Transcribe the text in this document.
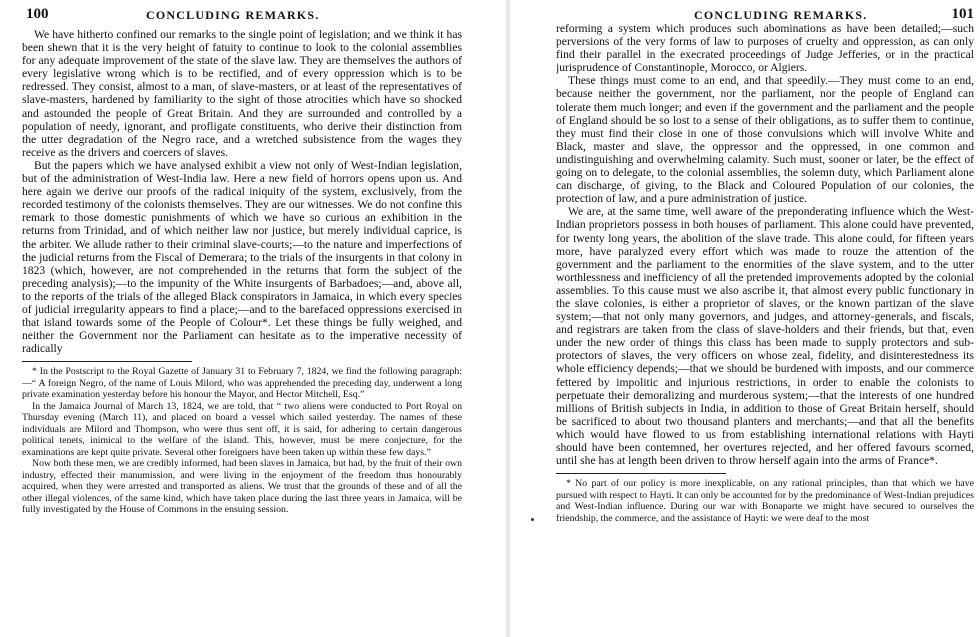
100	CONCLUDING REMARKS.

We have hitherto confined our remarks to the single point of legislation; and we think it has been shewn that it is the very height of fatuity to continue to look to the colonial assemblies for any adequate improvement of the state of the slave law. They are themselves the authors of every legislative wrong which is to be rectified, and of every oppression which is to be redressed. They consist, almost to a man, of slave-masters, or at least of the representatives of slave-masters, hardened by familiarity to the sight of those atrocities which have so shocked and astounded the people of Great Britain. And they are surrounded and controlled by a population of needy, ignorant, and profligate constituents, who derive their distinction from the utter degradation of the Negro race, and a wretched subsistence from the wages they receive as the drivers and coercers of slaves.

But the papers which we have analysed exhibit a view not only of West-Indian legislation, but of the administration of West-India law. Here a new field of horrors opens upon us. And here again we derive our proofs of the radical iniquity of the system, exclusively, from the recorded testimony of the colonists themselves. They are our witnesses. We do not confine this remark to those domestic punishments of which we have so curious an exhibition in the returns from Trinidad, and of which neither law nor justice, but merely individual caprice, is the arbiter. We allude rather to their criminal slave-courts;—to the nature and imperfections of the judicial returns from the Fiscal of Demerara; to the trials of the insurgents in that colony in 1823 (which, however, are not comprehended in the returns that form the subject of the preceding analysis);—to the impunity of the White insurgents of Barbadoes;—and, above all, to the reports of the trials of the alleged Black conspirators in Jamaica, in which every species of judicial irregularity appears to find a place;—and to the barefaced oppressions exercised in that island towards some of the People of Colour*. Let these things be fully weighed, and neither the Government nor the Parliament can hesitate as to the imperative necessity of radically

* In the Postscript to the Royal Gazette of January 31 to February 7, 1824, we find the following paragraph:—“ A foreign Negro, of the name of Louis Milord, who was apprehended the preceding day, underwent a long private examination yesterday before his honour the Mayor, and Hector Mitchell, Esq.”

In the Jamaica Journal of March 13, 1824, we are told, that “ two aliens were conducted to Port Royal on Thursday evening (March 11), and placed on board a vessel which sailed yesterday. The names of these individuals are Milord and Thompson, who were thus sent off, it is said, for adhering to certain dangerous political tenets, inimical to the welfare of the island. This, however, must be mere conjecture, for the examinations are kept quite private. Several other foreigners have been taken up within these few days.”

Now both these men, we are credibly informed, had been slaves in Jamaica, but had, by the fruit of their own industry, effected their manumission, and were living in the enjoyment of the freedom thus honourably acquired, when they were arrested and transported as aliens. We trust that the grounds of these and of all the other illegal violences, of the same kind, which have taken place during the last three years in Jamaica, will be fully investigated by the House of Commons in the ensuing session.

CONCLUDING REMARKS.	101

reforming a system which produces such abominations as have been detailed;—such perversions of the very forms of law to purposes of cruelty and oppression, as can only find their parallel in the execrated proceedings of Judge Jefferies, or in the practical jurisprudence of Constantinople, Morocco, or Algiers.

These things must come to an end, and that speedily.—They must come to an end, because neither the government, nor the parliament, nor the people of England can tolerate them much longer; and even if the government and the parliament and the people of England should be so lost to a sense of their obligations, as to suffer them to continue, they must find their close in one of those convulsions which will involve White and Black, master and slave, the oppressor and the oppressed, in one common and undistinguishing and overwhelming calamity. Such must, sooner or later, be the effect of going on to delegate, to the colonial assemblies, the solemn duty, which Parliament alone can discharge, of giving, to the Black and Coloured Population of our colonies, the protection of law, and a pure administration of justice.

We are, at the same time, well aware of the preponderating influence which the West-Indian proprietors possess in both houses of parliament. This alone could have prevented, for twenty long years, the abolition of the slave trade. This alone could, for fifteen years more, have paralyzed every effort which was made to rouze the attention of the government and the parliament to the enormities of the slave system, and to the utter worthlessness and inefficiency of all the pretended improvements adopted by the colonial assemblies. To this cause must we also ascribe it, that almost every public functionary in the slave colonies, is either a proprietor of slaves, or the known partizan of the slave system;—that not only many governors, and judges, and attorney-generals, and fiscals, and registrars are taken from the class of slave-holders and their friends, but that, even under the new order of things this class has been made to supply protectors and sub-protectors of slaves, the very officers on whose zeal, fidelity, and disinterestedness its whole efficiency depends;—that we should be burdened with imposts, and our commerce fettered by impolitic and injurious restrictions, in order to enable the colonists to perpetuate their demoralizing and murderous system;—that the interests of one hundred millions of British subjects in India, in addition to those of Great Britain herself, should be sacrificed to about two thousand planters and merchants;—and that all the benefits which would have flowed to us from establishing international relations with Hayti should have been contemned, her overtures rejected, and her offered favours scorned, until she has at length been driven to throw herself again into the arms of France*.

* No part of our policy is more inexplicable, on any rational principles, than that which we have pursued with respect to Hayti. It can only be accounted for by the predominance of West-Indian prejudices and West-Indian influence. During our war with Bonaparte we might have secured to ourselves the friendship, the commerce, and the assistance of Hayti: we were deaf to the most
